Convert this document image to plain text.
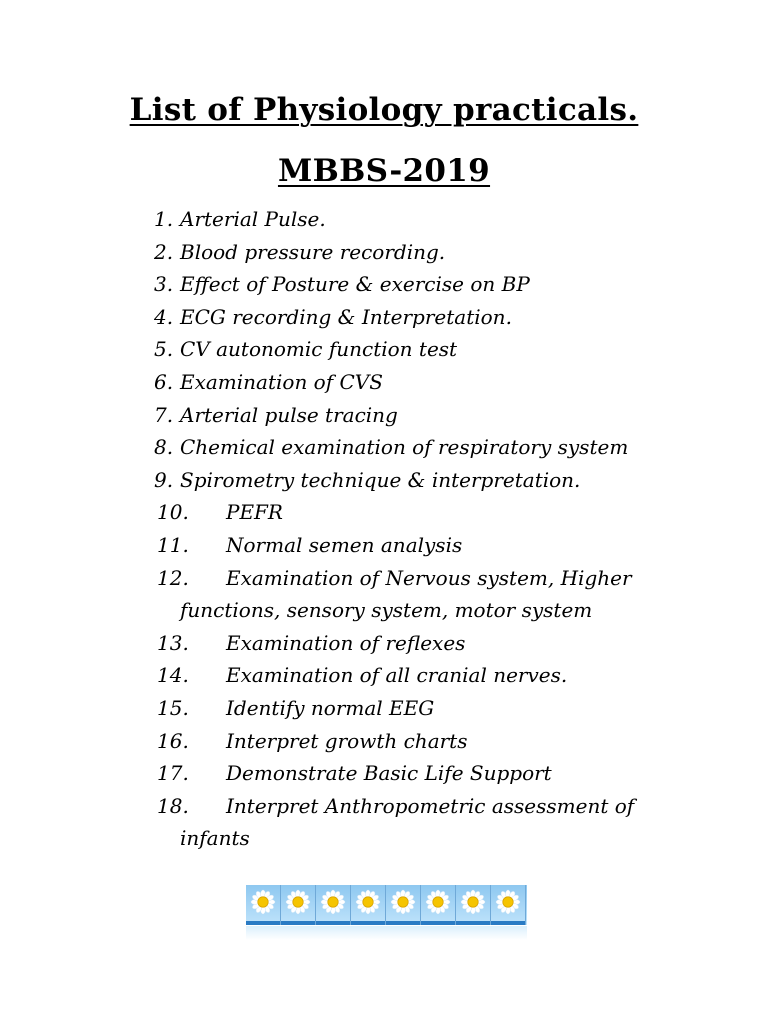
List of Physiology practicals.
MBBS-2019
1. Arterial Pulse.
2. Blood pressure recording.
3. Effect of Posture & exercise on BP
4. ECG recording & Interpretation.
5. CV autonomic function test
6. Examination of CVS
7. Arterial pulse tracing
8. Chemical examination of respiratory system
9. Spirometry technique & interpretation.
10. PEFR
11. Normal semen analysis
12. Examination of Nervous system, Higher
functions, sensory system, motor system
13. Examination of reflexes
14. Examination of all cranial nerves.
15. Identify normal EEG
16. Interpret growth charts
17. Demonstrate Basic Life Support
18. Interpret Anthropometric assessment of
infants
